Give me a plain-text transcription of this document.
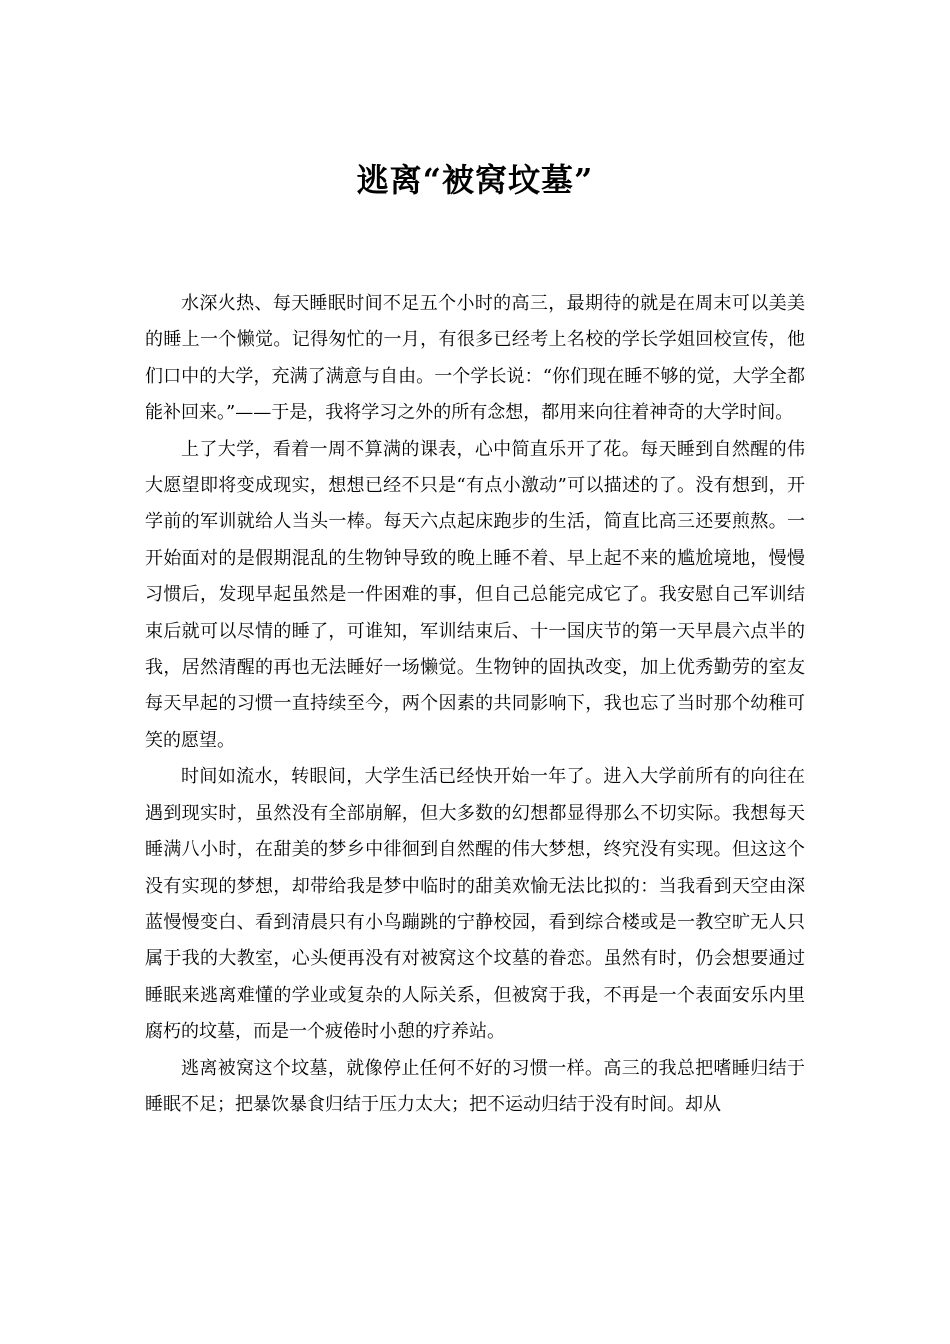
逃离“被窝坟墓”

水深火热、每天睡眠时间不足五个小时的高三，最期待的就是在周末可以美美的睡上一个懒觉。记得匆忙的一月，有很多已经考上名校的学长学姐回校宣传，他们口中的大学，充满了满意与自由。一个学长说：“你们现在睡不够的觉，大学全都能补回来。”——于是，我将学习之外的所有念想，都用来向往着神奇的大学时间。

上了大学，看着一周不算满的课表，心中简直乐开了花。每天睡到自然醒的伟大愿望即将变成现实，想想已经不只是“有点小激动”可以描述的了。没有想到，开学前的军训就给人当头一棒。每天六点起床跑步的生活，简直比高三还要煎熬。一开始面对的是假期混乱的生物钟导致的晚上睡不着、早上起不来的尴尬境地，慢慢习惯后，发现早起虽然是一件困难的事，但自己总能完成它了。我安慰自己军训结束后就可以尽情的睡了，可谁知，军训结束后、十一国庆节的第一天早晨六点半的我，居然清醒的再也无法睡好一场懒觉。生物钟的固执改变，加上优秀勤劳的室友每天早起的习惯一直持续至今，两个因素的共同影响下，我也忘了当时那个幼稚可笑的愿望。

时间如流水，转眼间，大学生活已经快开始一年了。进入大学前所有的向往在遇到现实时，虽然没有全部崩解，但大多数的幻想都显得那么不切实际。我想每天睡满八小时，在甜美的梦乡中徘徊到自然醒的伟大梦想，终究没有实现。但这这个没有实现的梦想，却带给我是梦中临时的甜美欢愉无法比拟的：当我看到天空由深蓝慢慢变白、看到清晨只有小鸟蹦跳的宁静校园，看到综合楼或是一教空旷无人只属于我的大教室，心头便再没有对被窝这个坟墓的眷恋。虽然有时，仍会想要通过睡眠来逃离难懂的学业或复杂的人际关系，但被窝于我，不再是一个表面安乐内里腐朽的坟墓，而是一个疲倦时小憩的疗养站。

逃离被窝这个坟墓，就像停止任何不好的习惯一样。高三的我总把嗜睡归结于睡眠不足；把暴饮暴食归结于压力太大；把不运动归结于没有时间。却从
